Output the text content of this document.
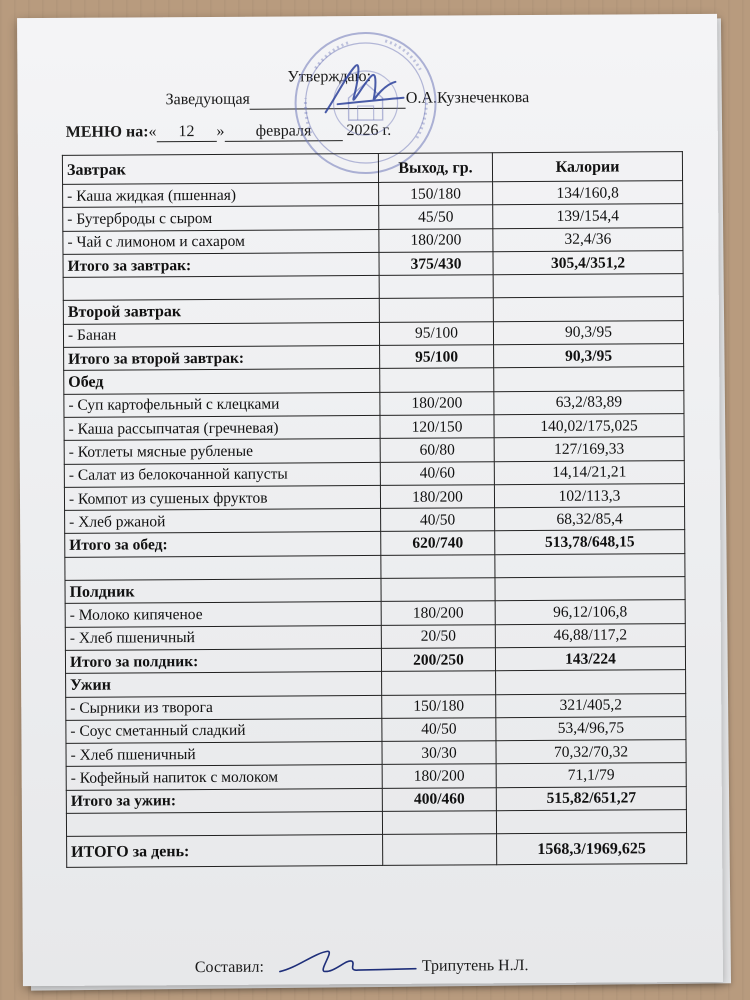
Утверждаю:
Заведующая	О.А.Кузнеченкова
МЕНЮ на:« 12 » февраля 2026 г.
Завтрак	Выход, гр.	Калории
- Каша жидкая (пшенная)	150/180	134/160,8
- Бутерброды с сыром	45/50	139/154,4
- Чай с лимоном и сахаром	180/200	32,4/36
Итого за завтрак:	375/430	305,4/351,2

Второй завтрак		
- Банан	95/100	90,3/95
Итого за второй завтрак:	95/100	90,3/95
Обед		
- Суп картофельный с клецками	180/200	63,2/83,89
- Каша рассыпчатая (гречневая)	120/150	140,02/175,025
- Котлеты мясные рубленые	60/80	127/169,33
- Салат из белокочанной капусты	40/60	14,14/21,21
- Компот из сушеных фруктов	180/200	102/113,3
- Хлеб ржаной	40/50	68,32/85,4
Итого за обед:	620/740	513,78/648,15

Полдник		
- Молоко кипяченое	180/200	96,12/106,8
- Хлеб пшеничный	20/50	46,88/117,2
Итого за полдник:	200/250	143/224
Ужин		
- Сырники из творога	150/180	321/405,2
- Соус сметанный сладкий	40/50	53,4/96,75
- Хлеб пшеничный	30/30	70,32/70,32
- Кофейный напиток с молоком	180/200	71,1/79
Итого за ужин:	400/460	515,82/651,27

ИТОГО за день:		1568,3/1969,625
Составил:	Трипутень Н.Л.
